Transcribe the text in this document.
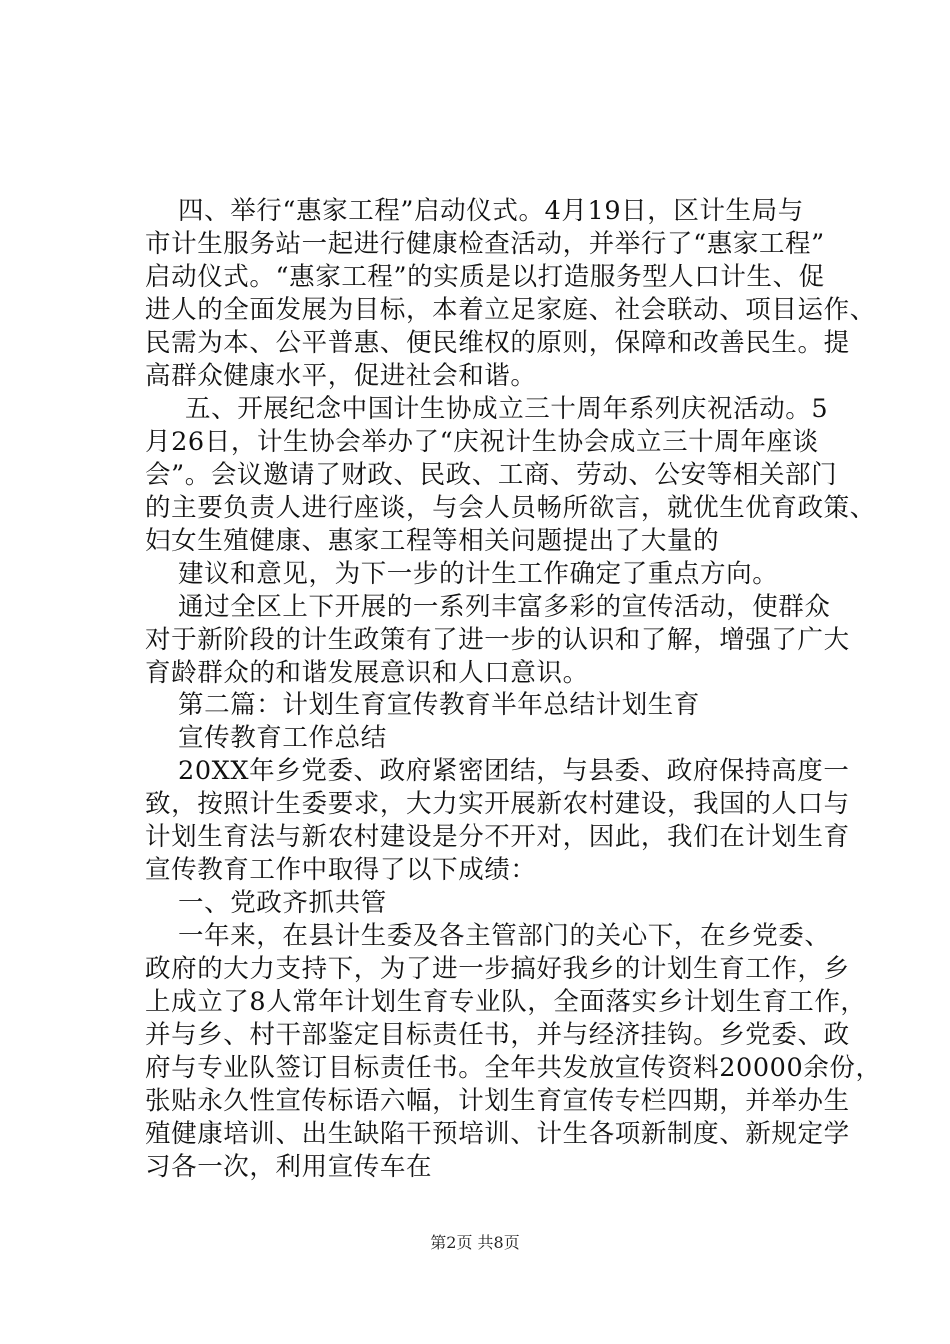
四、举行“惠家工程”启动仪式。4月19日，区计生局与
市计生服务站一起进行健康检查活动，并举行了“惠家工程”
启动仪式。“惠家工程”的实质是以打造服务型人口计生、促
进人的全面发展为目标，本着立足家庭、社会联动、项目运作、
民需为本、公平普惠、便民维权的原则，保障和改善民生。提
高群众健康水平，促进社会和谐。
五、开展纪念中国计生协成立三十周年系列庆祝活动。5
月26日，计生协会举办了“庆祝计生协会成立三十周年座谈
会”。会议邀请了财政、民政、工商、劳动、公安等相关部门
的主要负责人进行座谈，与会人员畅所欲言，就优生优育政策、
妇女生殖健康、惠家工程等相关问题提出了大量的
建议和意见，为下一步的计生工作确定了重点方向。
通过全区上下开展的一系列丰富多彩的宣传活动，使群众
对于新阶段的计生政策有了进一步的认识和了解，增强了广大
育龄群众的和谐发展意识和人口意识。
第二篇：计划生育宣传教育半年总结计划生育
宣传教育工作总结
20XX年乡党委、政府紧密团结，与县委、政府保持高度一
致，按照计生委要求，大力实开展新农村建设，我国的人口与
计划生育法与新农村建设是分不开对，因此，我们在计划生育
宣传教育工作中取得了以下成绩：
一、党政齐抓共管
一年来，在县计生委及各主管部门的关心下，在乡党委、
政府的大力支持下，为了进一步搞好我乡的计划生育工作，乡
上成立了8人常年计划生育专业队，全面落实乡计划生育工作，
并与乡、村干部鉴定目标责任书，并与经济挂钩。乡党委、政
府与专业队签订目标责任书。全年共发放宣传资料20000余份，
张贴永久性宣传标语六幅，计划生育宣传专栏四期，并举办生
殖健康培训、出生缺陷干预培训、计生各项新制度、新规定学
习各一次，利用宣传车在
第2页 共8页
